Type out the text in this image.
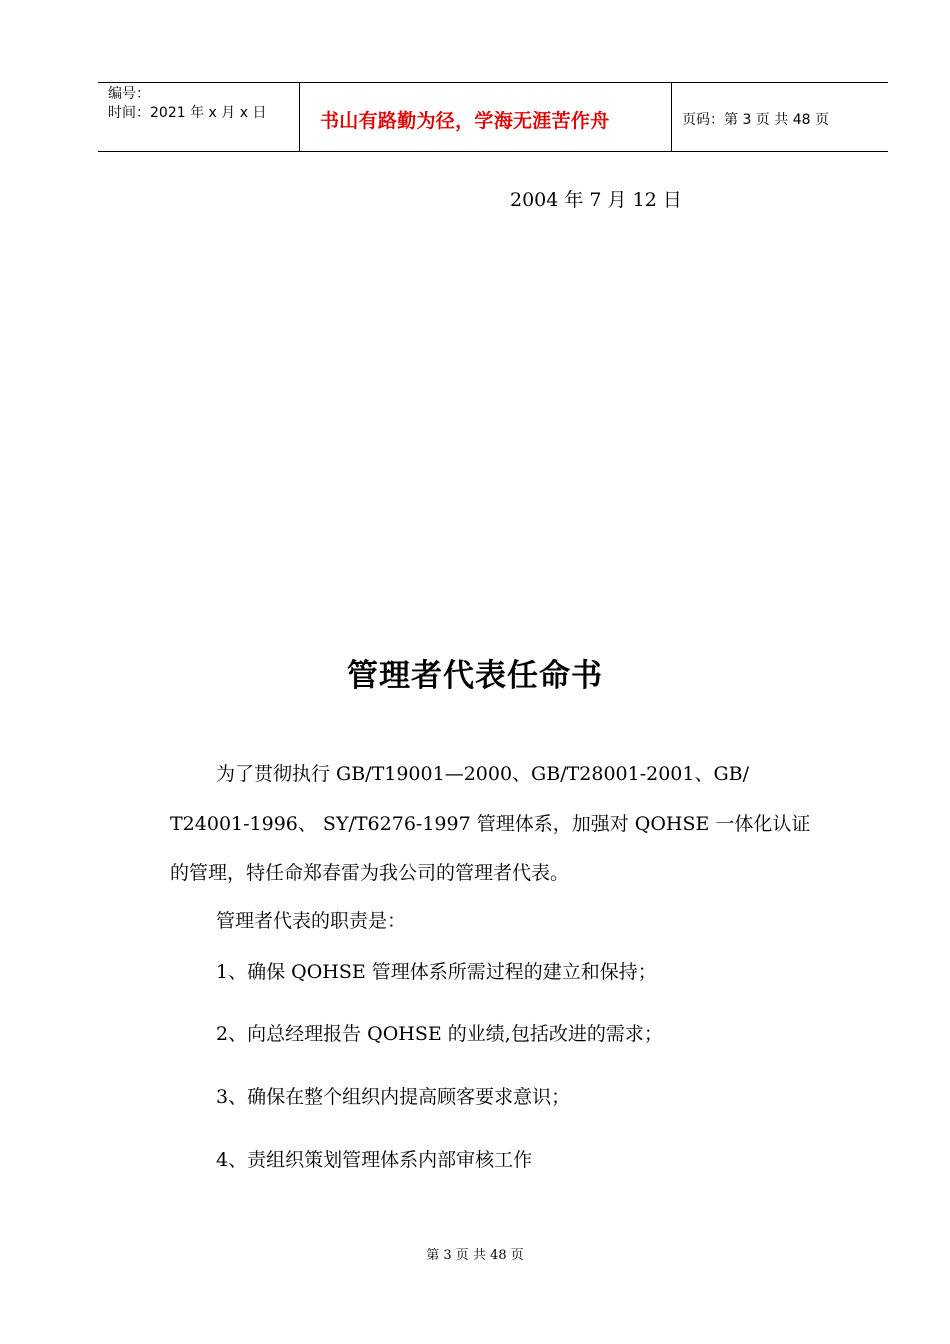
编号：
时间：2021 年 x 月 x 日	书山有路勤为径，学海无涯苦作舟	页码：第 3 页 共 48 页
2004 年 7 月 12 日
管理者代表任命书
为了贯彻执行 GB/T19001—2000、GB/T28001-2001、GB/
T24001-1996、 SY/T6276-1997 管理体系，加强对 QOHSE 一体化认证
的管理，特任命郑春雷为我公司的管理者代表。
管理者代表的职责是：
1、确保 QOHSE 管理体系所需过程的建立和保持；
2、向总经理报告 QOHSE 的业绩,包括改进的需求；
3、确保在整个组织内提高顾客要求意识；
4、责组织策划管理体系内部审核工作
第 3 页 共 48 页
